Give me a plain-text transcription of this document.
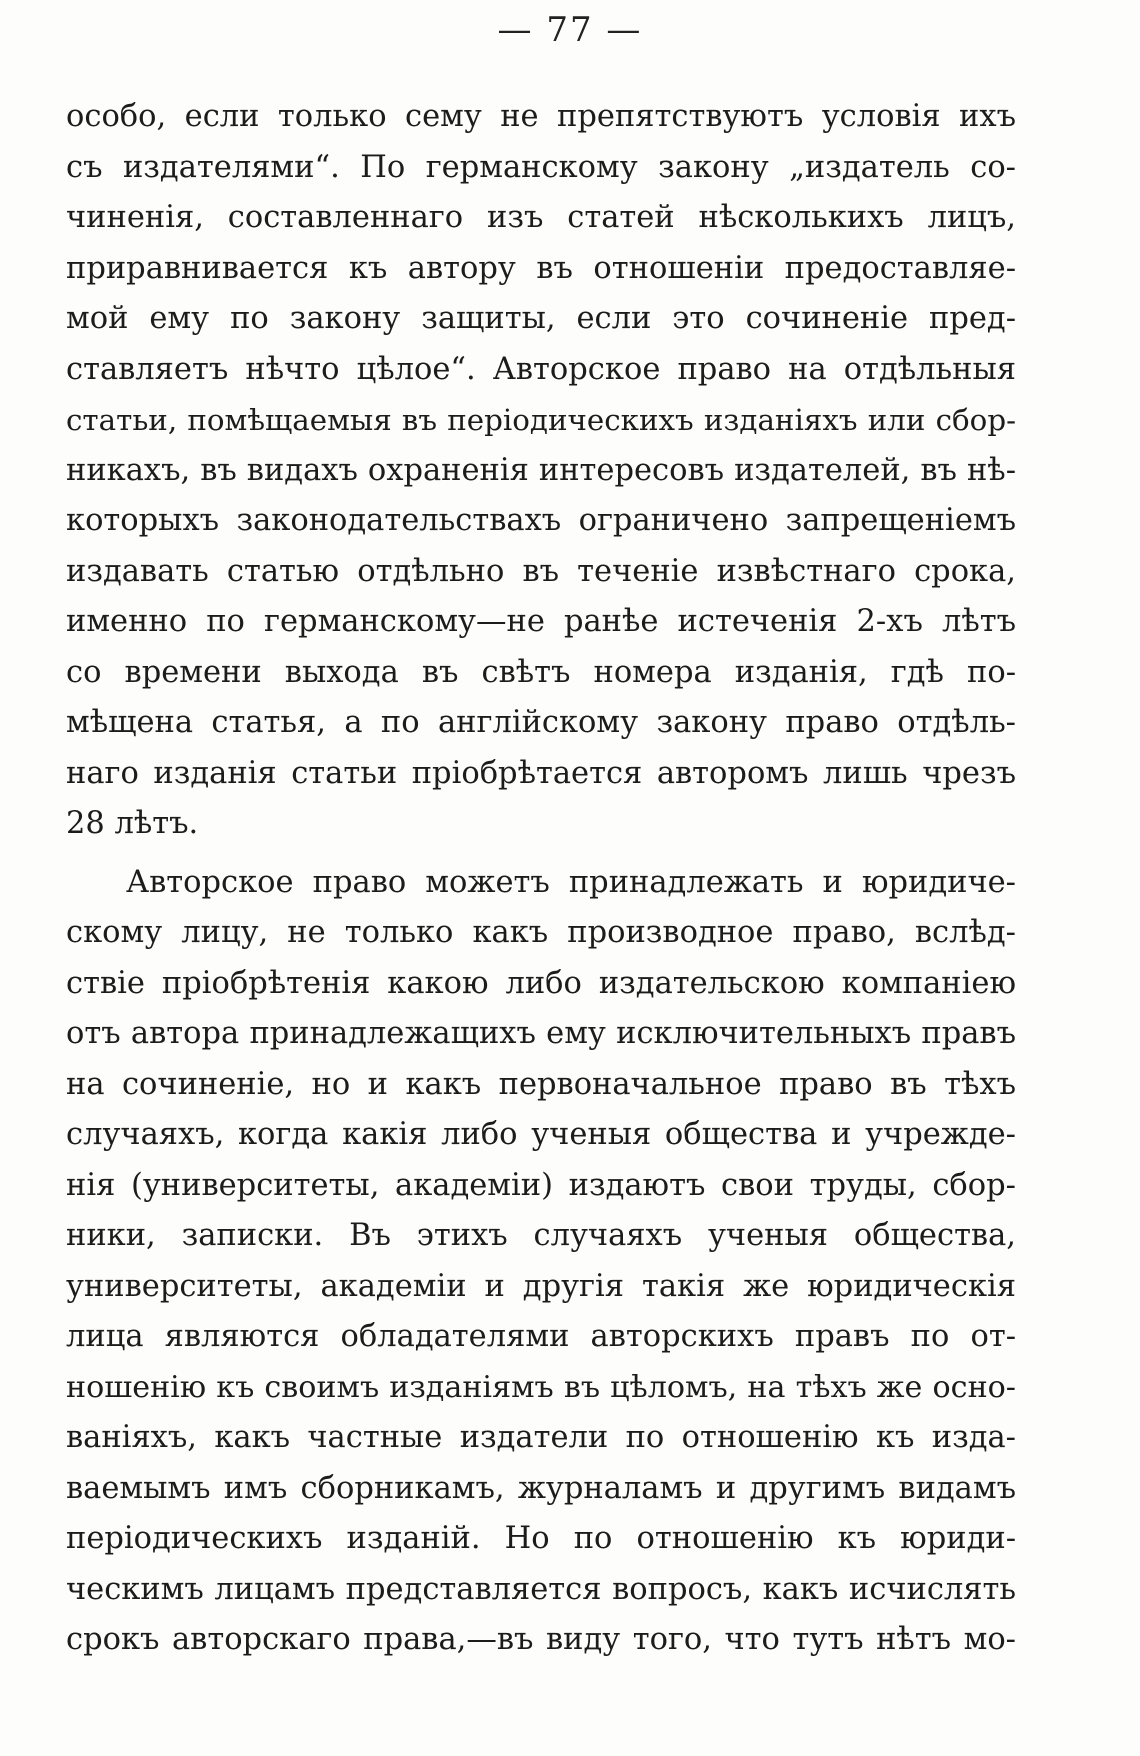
— 77 —

особо, если только сему не препятствуютъ условія ихъ
съ издателями“. По германскому закону „издатель со-
чиненія, составленнаго изъ статей нѣсколькихъ лицъ,
приравнивается къ автору въ отношеніи предоставляе-
мой ему по закону защиты, если это сочиненіе пред-
ставляетъ нѣчто цѣлое“. Авторское право на отдѣльныя
статьи, помѣщаемыя въ періодическихъ изданіяхъ или сбор-
никахъ, въ видахъ охраненія интересовъ издателей, въ нѣ-
которыхъ законодательствахъ ограничено запрещеніемъ
издавать статью отдѣльно въ теченіе извѣстнаго срока,
именно по германскому—не ранѣе истеченія 2-хъ лѣтъ
со времени выхода въ свѣтъ номера изданія, гдѣ по-
мѣщена статья, а по англійскому закону право отдѣль-
наго изданія статьи пріобрѣтается авторомъ лишь чрезъ
28 лѣтъ.

Авторское право можетъ принадлежать и юридиче-
скому лицу, не только какъ производное право, вслѣд-
ствіе пріобрѣтенія какою либо издательскою компаніею
отъ автора принадлежащихъ ему исключительныхъ правъ
на сочиненіе, но и какъ первоначальное право въ тѣхъ
случаяхъ, когда какія либо ученыя общества и учрежде-
нія (университеты, академіи) издаютъ свои труды, сбор-
ники, записки. Въ этихъ случаяхъ ученыя общества,
университеты, академіи и другія такія же юридическія
лица являются обладателями авторскихъ правъ по от-
ношенію къ своимъ изданіямъ въ цѣломъ, на тѣхъ же осно-
ваніяхъ, какъ частные издатели по отношенію къ изда-
ваемымъ имъ сборникамъ, журналамъ и другимъ видамъ
періодическихъ изданій. Но по отношенію къ юриди-
ческимъ лицамъ представляется вопросъ, какъ исчислять
срокъ авторскаго права,—въ виду того, что тутъ нѣтъ мо-
